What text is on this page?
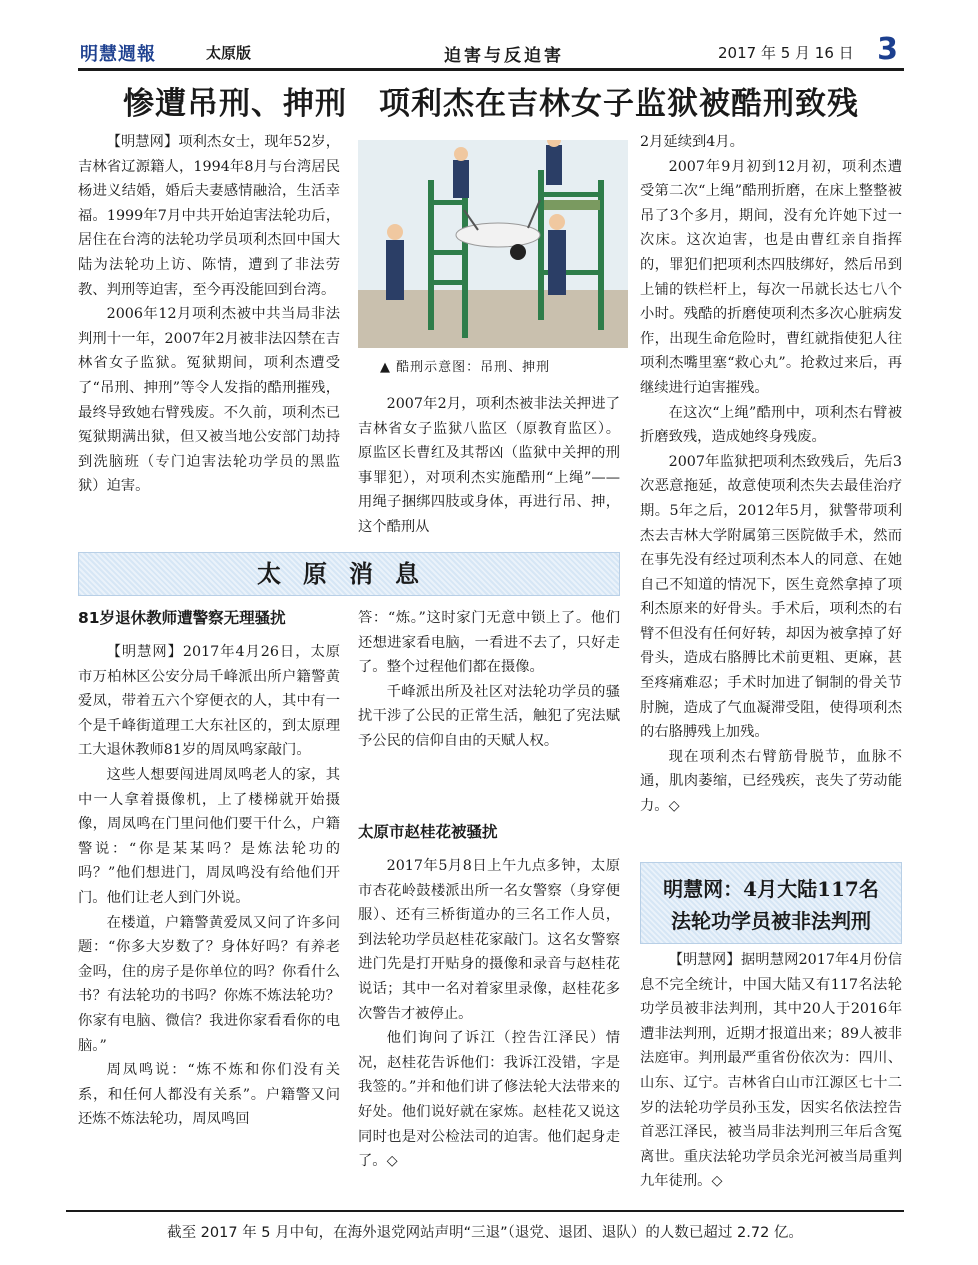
明慧週報	太原版	迫害与反迫害	2017 年 5 月 16 日 3
惨遭吊刑、抻刑　项利杰在吉林女子监狱被酷刑致残

【明慧网】项利杰女士，现年52岁，吉林省辽源籍人，1994年8月与台湾居民杨进义结婚，婚后夫妻感情融洽，生活幸福。1999年7月中共开始迫害法轮功后，居住在台湾的法轮功学员项利杰回中国大陆为法轮功上访、陈情，遭到了非法劳教、判刑等迫害，至今再没能回到台湾。

2006年12月项利杰被中共当局非法判刑十一年，2007年2月被非法囚禁在吉林省女子监狱。冤狱期间，项利杰遭受了“吊刑、抻刑”等令人发指的酷刑摧残，最终导致她右臂残废。不久前，项利杰已冤狱期满出狱，但又被当地公安部门劫持到洗脑班（专门迫害法轮功学员的黑监狱）迫害。

▲ 酷刑示意图：吊刑、抻刑

2007年2月，项利杰被非法关押进了吉林省女子监狱八监区（原教育监区）。原监区长曹红及其帮凶（监狱中关押的刑事罪犯），对项利杰实施酷刑“上绳”——用绳子捆绑四肢或身体，再进行吊、抻，这个酷刑从

2月延续到4月。

2007年9月初到12月初，项利杰遭受第二次“上绳”酷刑折磨，在床上整整被吊了3个多月，期间，没有允许她下过一次床。这次迫害，也是由曹红亲自指挥的，罪犯们把项利杰四肢绑好，然后吊到上铺的铁栏杆上，每次一吊就长达七八个小时。残酷的折磨使项利杰多次心脏病发作，出现生命危险时，曹红就指使犯人往项利杰嘴里塞“救心丸”。抢救过来后，再继续进行迫害摧残。

在这次“上绳”酷刑中，项利杰右臂被折磨致残，造成她终身残废。

2007年监狱把项利杰致残后，先后3次恶意拖延，故意使项利杰失去最佳治疗期。5年之后，2012年5月，狱警带项利杰去吉林大学附属第三医院做手术，然而在事先没有经过项利杰本人的同意、在她自己不知道的情况下，医生竟然拿掉了项利杰原来的好骨头。手术后，项利杰的右臂不但没有任何好转，却因为被拿掉了好骨头，造成右胳膊比术前更粗、更麻，甚至疼痛难忍；手术时加进了铜制的骨关节肘腕，造成了气血凝滞受阻，使得项利杰的右胳膊残上加残。

现在项利杰右臂筋骨脱节，血脉不通，肌肉萎缩，已经残疾，丧失了劳动能力。◇

太原消息
81岁退休教师遭警察无理骚扰

【明慧网】2017年4月26日，太原市万柏林区公安分局千峰派出所户籍警黄爱凤，带着五六个穿便衣的人，其中有一个是千峰街道理工大东社区的，到太原理工大退休教师81岁的周凤鸣家敲门。

这些人想要闯进周凤鸣老人的家，其中一人拿着摄像机，上了楼梯就开始摄像，周凤鸣在门里问他们要干什么，户籍警说：“你是某某吗？是炼法轮功的吗？”他们想进门，周凤鸣没有给他们开门。他们让老人到门外说。

在楼道，户籍警黄爱凤又问了许多问题：“你多大岁数了？身体好吗？有养老金吗，住的房子是你单位的吗？你看什么书？有法轮功的书吗？你炼不炼法轮功？你家有电脑、微信？我进你家看看你的电脑。”

周凤鸣说：“炼不炼和你们没有关系，和任何人都没有关系”。户籍警又问还炼不炼法轮功，周凤鸣回

答：“炼。”这时家门无意中锁上了。他们还想进家看电脑，一看进不去了，只好走了。整个过程他们都在摄像。

千峰派出所及社区对法轮功学员的骚扰干涉了公民的正常生活，触犯了宪法赋予公民的信仰自由的天赋人权。

太原市赵桂花被骚扰

2017年5月8日上午九点多钟，太原市杏花岭鼓楼派出所一名女警察（身穿便服）、还有三桥街道办的三名工作人员，到法轮功学员赵桂花家敲门。这名女警察进门先是打开贴身的摄像和录音与赵桂花说话；其中一名对着家里录像，赵桂花多次警告才被停止。

他们询问了诉江（控告江泽民）情况，赵桂花告诉他们：我诉江没错，字是我签的。”并和他们讲了修法轮大法带来的好处。他们说好就在家炼。赵桂花又说这同时也是对公检法司的迫害。他们起身走了。◇

明慧网：4月大陆117名
法轮功学员被非法判刑

【明慧网】据明慧网2017年4月份信息不完全统计，中国大陆又有117名法轮功学员被非法判刑，其中20人于2016年遭非法判刑，近期才报道出来；89人被非法庭审。判刑最严重省份依次为：四川、山东、辽宁。吉林省白山市江源区七十二岁的法轮功学员孙玉发，因实名依法控告首恶江泽民，被当局非法判刑三年后含冤离世。重庆法轮功学员余光河被当局重判九年徒刑。◇

截至 2017 年 5 月中旬，在海外退党网站声明“三退”（退党、退团、退队）的人数已超过 2.72 亿。
